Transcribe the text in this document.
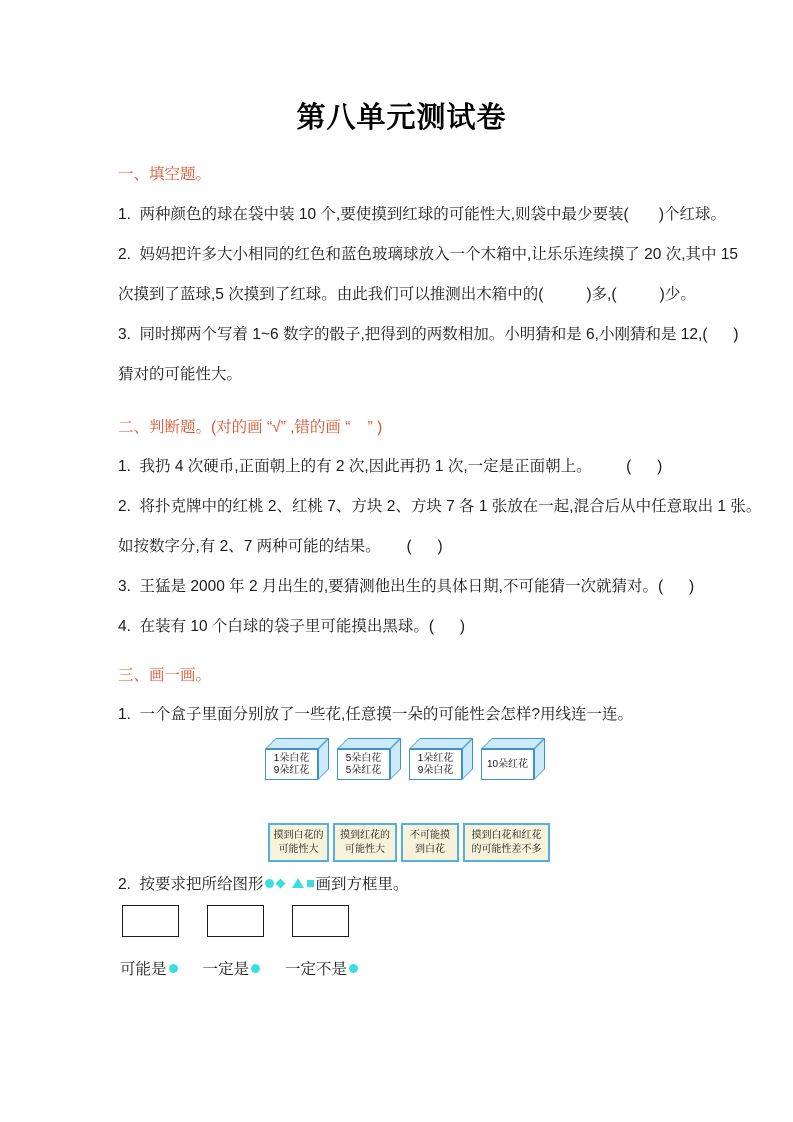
第八单元测试卷
一、填空题。
1.  两种颜色的球在袋中装 10 个,要使摸到红球的可能性大,则袋中最少要装(       )个红球。
2.  妈妈把许多大小相同的红色和蓝色玻璃球放入一个木箱中,让乐乐连续摸了 20 次,其中 15
次摸到了蓝球,5 次摸到了红球。由此我们可以推测出木箱中的(          )多,(          )少。
3.  同时掷两个写着 1~6 数字的骰子,把得到的两数相加。小明猜和是 6,小刚猜和是 12,(      )
猜对的可能性大。
二、判断题。(对的画 “√” ,错的画 “    ” )
1.  我扔 4 次硬币,正面朝上的有 2 次,因此再扔 1 次,一定是正面朝上。        (      )
2.  将扑克牌中的红桃 2、红桃 7、方块 2、方块 7 各 1 张放在一起,混合后从中任意取出 1 张。
如按数字分,有 2、7 两种可能的结果。      (      )
3.  王猛是 2000 年 2 月出生的,要猜测他出生的具体日期,不可能猜一次就猜对。(      )
4.  在装有 10 个白球的袋子里可能摸出黑球。(      )
三、画一画。
1.  一个盒子里面分别放了一些花,任意摸一朵的可能性会怎样?用线连一连。
1朵白花
9朵红花
5朵白花
5朵红花
1朵红花
9朵白花
10朵红花
摸到白花的
可能性大
摸到红花的
可能性大
不可能摸
到白花
摸到白花和红花
的可能性差不多
2.  按要求把所给图形	画到方框里。
可能是 一定是 一定不是
